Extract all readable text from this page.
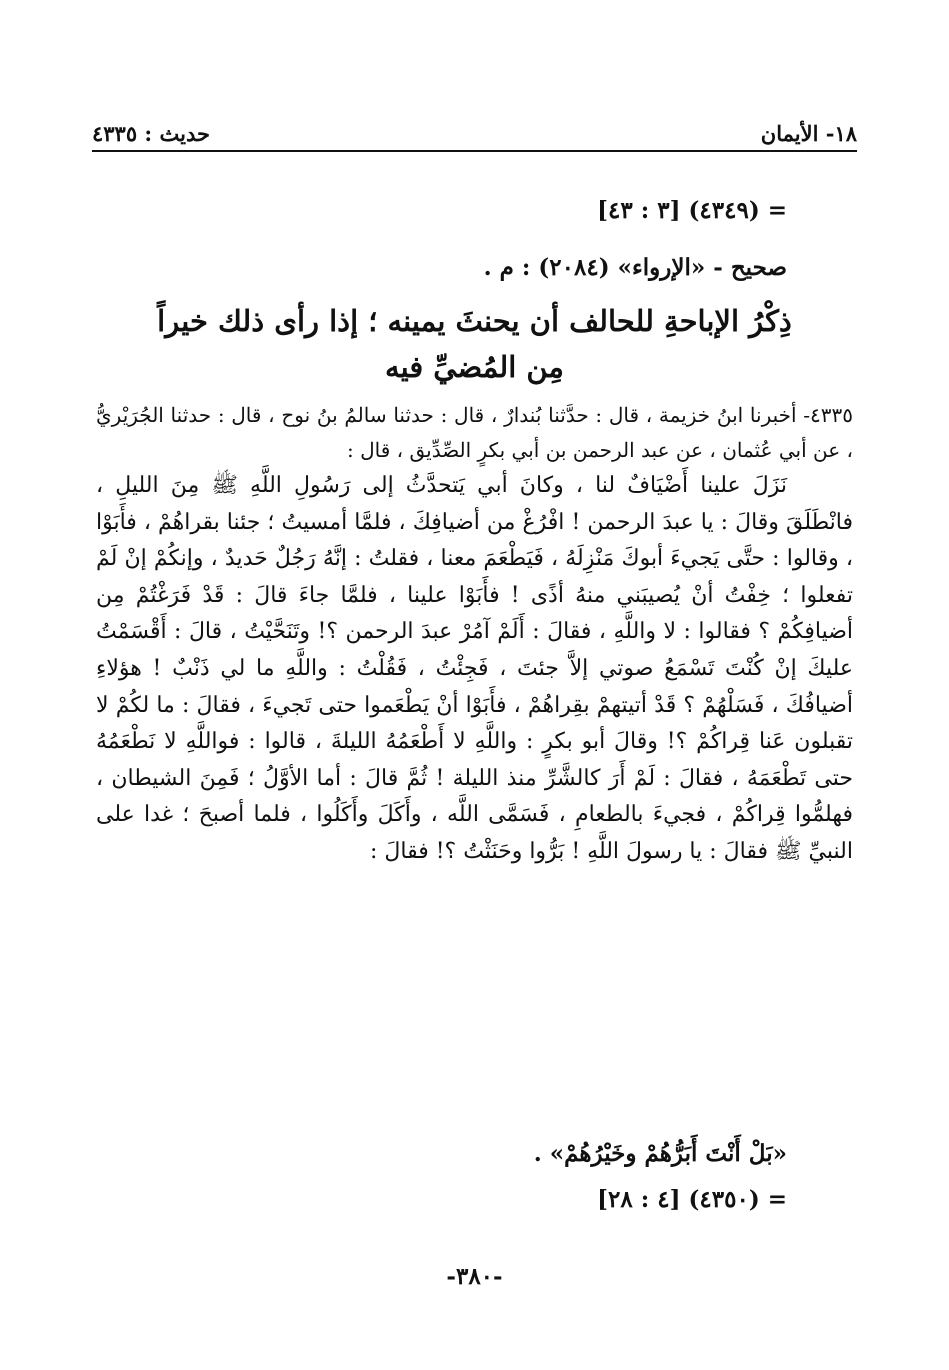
١٨- الأيمان
حديث : ٤٣٣٥
= (٤٣٤٩) [٣ : ٤٣]
صحيح - «الإرواء» (٢٠٨٤) : م .
ذِكْرُ الإباحةِ للحالف أن يحنثَ يمينه ؛ إذا رأى ذلك خيراً
مِن المُضيِّ فيه

٤٣٣٥- أخبرنا ابنُ خزيمة ، قال : حدَّثنا بُندارٌ ، قال : حدثنا سالمُ بنُ نوح ، قال : حدثنا الجُرَيْريُّ ، عن أبي عُثمان ، عن عبد الرحمن بن أبي بكرٍ الصِّدِّيق ، قال :

نَزَلَ علينا أَضْيَافٌ لنا ، وكانَ أبي يَتحدَّثُ إلى رَسُولِ اللَّهِ ﷺ مِنَ الليلِ ، فانْطَلَقَ وقالَ : يا عبدَ الرحمن ! افْرُغْ من أضيافِكَ ، فلمَّا أمسيتُ ؛ جئنا بقراهُمْ ، فأَبَوْا ، وقالوا : حتَّى يَجيءَ أبوكَ مَنْزِلَهُ ، فَيَطْعَمَ معنا ، فقلتُ : إنَّهُ رَجُلٌ حَديدٌ ، وإنكُمْ إنْ لَمْ تفعلوا ؛ خِفْتُ أنْ يُصيبَني منهُ أذًى ! فأَبَوْا علينا ، فلمَّا جاءَ قالَ : قَدْ فَرَغْتُمْ مِن أضيافِكُمْ ؟ فقالوا : لا واللَّهِ ، فقالَ : أَلَمْ آمُرْ عبدَ الرحمن ؟! وتَنَحَّيْتُ ، قالَ : أَقْسَمْتُ عليكَ إنْ كُنْتَ تَسْمَعُ صوتي إلاَّ جئتَ ، فَجِئْتُ ، فَقُلْتُ : واللَّهِ ما لي ذَنْبٌ ! هؤلاءِ أضيافُكَ ، فَسَلْهُمْ ؟ قَدْ أتيتهمْ بقِراهُمْ ، فأَبَوْا أنْ يَطْعَموا حتى تَجيءَ ، فقالَ : ما لكُمْ لا تقبلون عَنا قِراكُمْ ؟! وقالَ أبو بكرٍ : واللَّهِ لا أَطْعَمُهُ الليلةَ ، قالوا : فواللَّهِ لا نَطْعَمُهُ حتى تَطْعَمَهُ ، فقالَ : لَمْ أَرَ كالشَّرِّ منذ الليلة ! ثُمَّ قالَ : أما الأوَّلُ ؛ فَمِنَ الشيطان ، فهلمُّوا قِراكُمْ ، فجيءَ بالطعامِ ، فَسَمَّى اللَّه ، وأَكَلَ وأَكَلُوا ، فلما أصبحَ ؛ غدا على النبيِّ ﷺ فقالَ : يا رسولَ اللَّهِ ! بَرُّوا وحَنَثْتُ ؟! فقالَ :

«بَلْ أَنْتَ أَبَرُّهُمْ وخَيْرُهُمْ» .
= (٤٣٥٠) [٤ : ٢٨]
-٣٨٠-
